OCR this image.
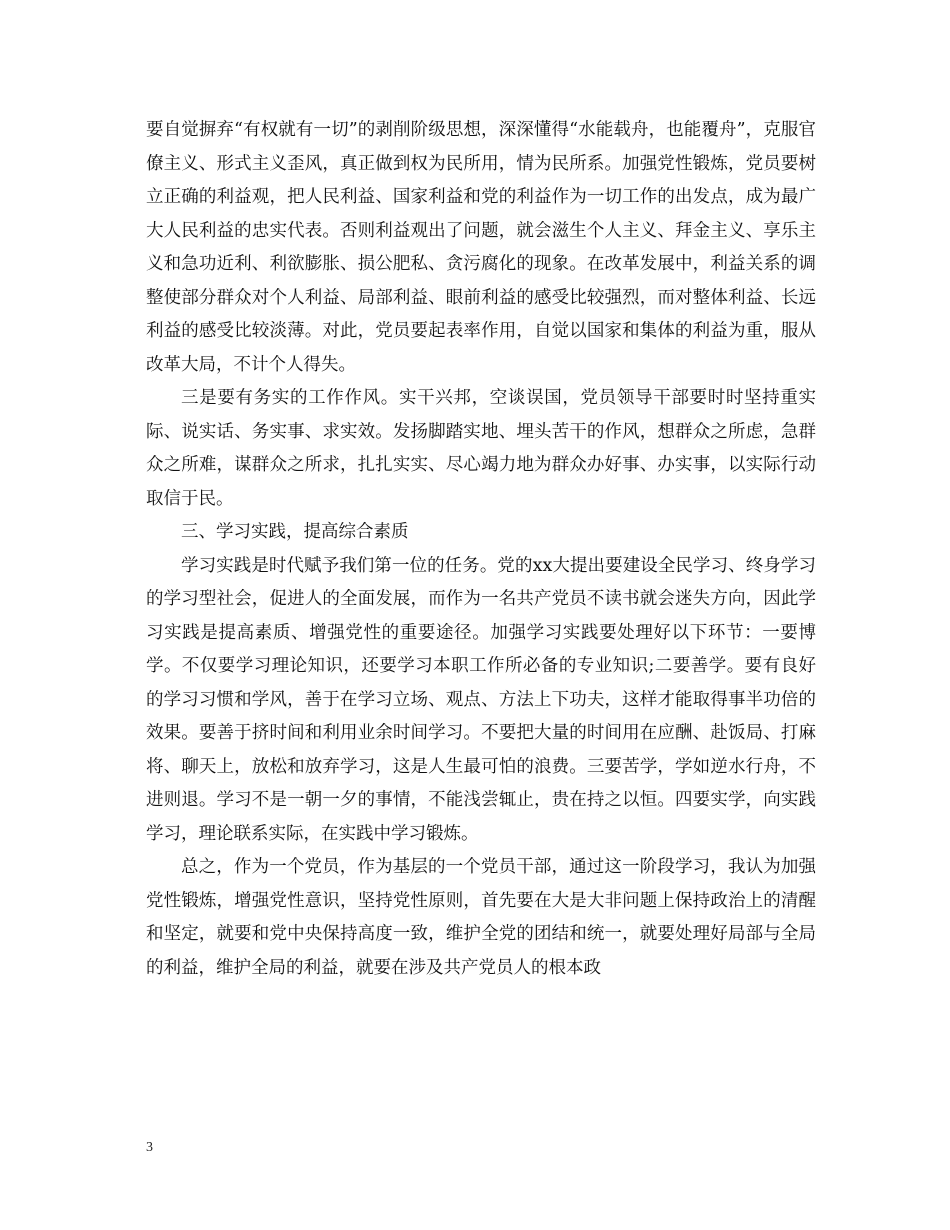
要自觉摒弃“有权就有一切”的剥削阶级思想，深深懂得“水能载舟，也能覆舟”，克服官僚主义、形式主义歪风，真正做到权为民所用，情为民所系。加强党性锻炼，党员要树立正确的利益观，把人民利益、国家利益和党的利益作为一切工作的出发点，成为最广大人民利益的忠实代表。否则利益观出了问题，就会滋生个人主义、拜金主义、享乐主义和急功近利、利欲膨胀、损公肥私、贪污腐化的现象。在改革发展中，利益关系的调整使部分群众对个人利益、局部利益、眼前利益的感受比较强烈，而对整体利益、长远利益的感受比较淡薄。对此，党员要起表率作用，自觉以国家和集体的利益为重，服从改革大局，不计个人得失。

三是要有务实的工作作风。实干兴邦，空谈误国，党员领导干部要时时坚持重实际、说实话、务实事、求实效。发扬脚踏实地、埋头苦干的作风，想群众之所虑，急群众之所难，谋群众之所求，扎扎实实、尽心竭力地为群众办好事、办实事，以实际行动取信于民。

三、学习实践，提高综合素质

学习实践是时代赋予我们第一位的任务。党的xx大提出要建设全民学习、终身学习的学习型社会，促进人的全面发展，而作为一名共产党员不读书就会迷失方向，因此学习实践是提高素质、增强党性的重要途径。加强学习实践要处理好以下环节：一要博学。不仅要学习理论知识，还要学习本职工作所必备的专业知识;二要善学。要有良好的学习习惯和学风，善于在学习立场、观点、方法上下功夫，这样才能取得事半功倍的效果。要善于挤时间和利用业余时间学习。不要把大量的时间用在应酬、赴饭局、打麻将、聊天上，放松和放弃学习，这是人生最可怕的浪费。三要苦学，学如逆水行舟，不进则退。学习不是一朝一夕的事情，不能浅尝辄止，贵在持之以恒。四要实学，向实践学习，理论联系实际，在实践中学习锻炼。

总之，作为一个党员，作为基层的一个党员干部，通过这一阶段学习，我认为加强党性锻炼，增强党性意识，坚持党性原则，首先要在大是大非问题上保持政治上的清醒和坚定，就要和党中央保持高度一致，维护全党的团结和统一，就要处理好局部与全局的利益，维护全局的利益，就要在涉及共产党员人的根本政

3
